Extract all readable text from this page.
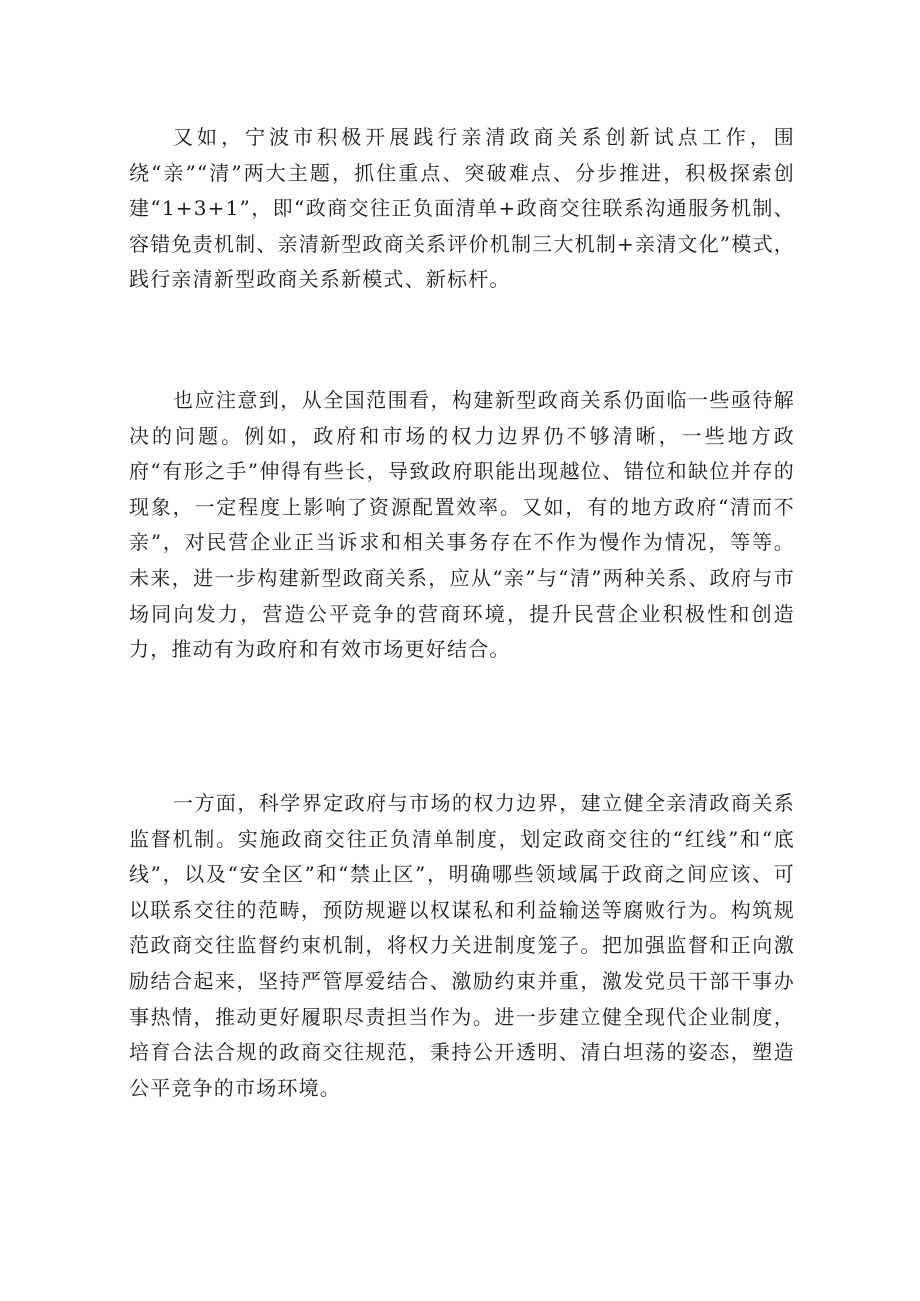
又如，宁波市积极开展践行亲清政商关系创新试点工作，围绕“亲”“清”两大主题，抓住重点、突破难点、分步推进，积极探索创建“1+3+1”，即“政商交往正负面清单+政商交往联系沟通服务机制、容错免责机制、亲清新型政商关系评价机制三大机制+亲清文化”模式，践行亲清新型政商关系新模式、新标杆。

也应注意到，从全国范围看，构建新型政商关系仍面临一些亟待解决的问题。例如，政府和市场的权力边界仍不够清晰，一些地方政府“有形之手”伸得有些长，导致政府职能出现越位、错位和缺位并存的现象，一定程度上影响了资源配置效率。又如，有的地方政府“清而不亲”，对民营企业正当诉求和相关事务存在不作为慢作为情况，等等。未来，进一步构建新型政商关系，应从“亲”与“清”两种关系、政府与市场同向发力，营造公平竞争的营商环境，提升民营企业积极性和创造力，推动有为政府和有效市场更好结合。

一方面，科学界定政府与市场的权力边界，建立健全亲清政商关系监督机制。实施政商交往正负清单制度，划定政商交往的“红线”和“底线”，以及“安全区”和“禁止区”，明确哪些领域属于政商之间应该、可以联系交往的范畴，预防规避以权谋私和利益输送等腐败行为。构筑规范政商交往监督约束机制，将权力关进制度笼子。把加强监督和正向激励结合起来，坚持严管厚爱结合、激励约束并重，激发党员干部干事办事热情，推动更好履职尽责担当作为。进一步建立健全现代企业制度，培育合法合规的政商交往规范，秉持公开透明、清白坦荡的姿态，塑造公平竞争的市场环境。
